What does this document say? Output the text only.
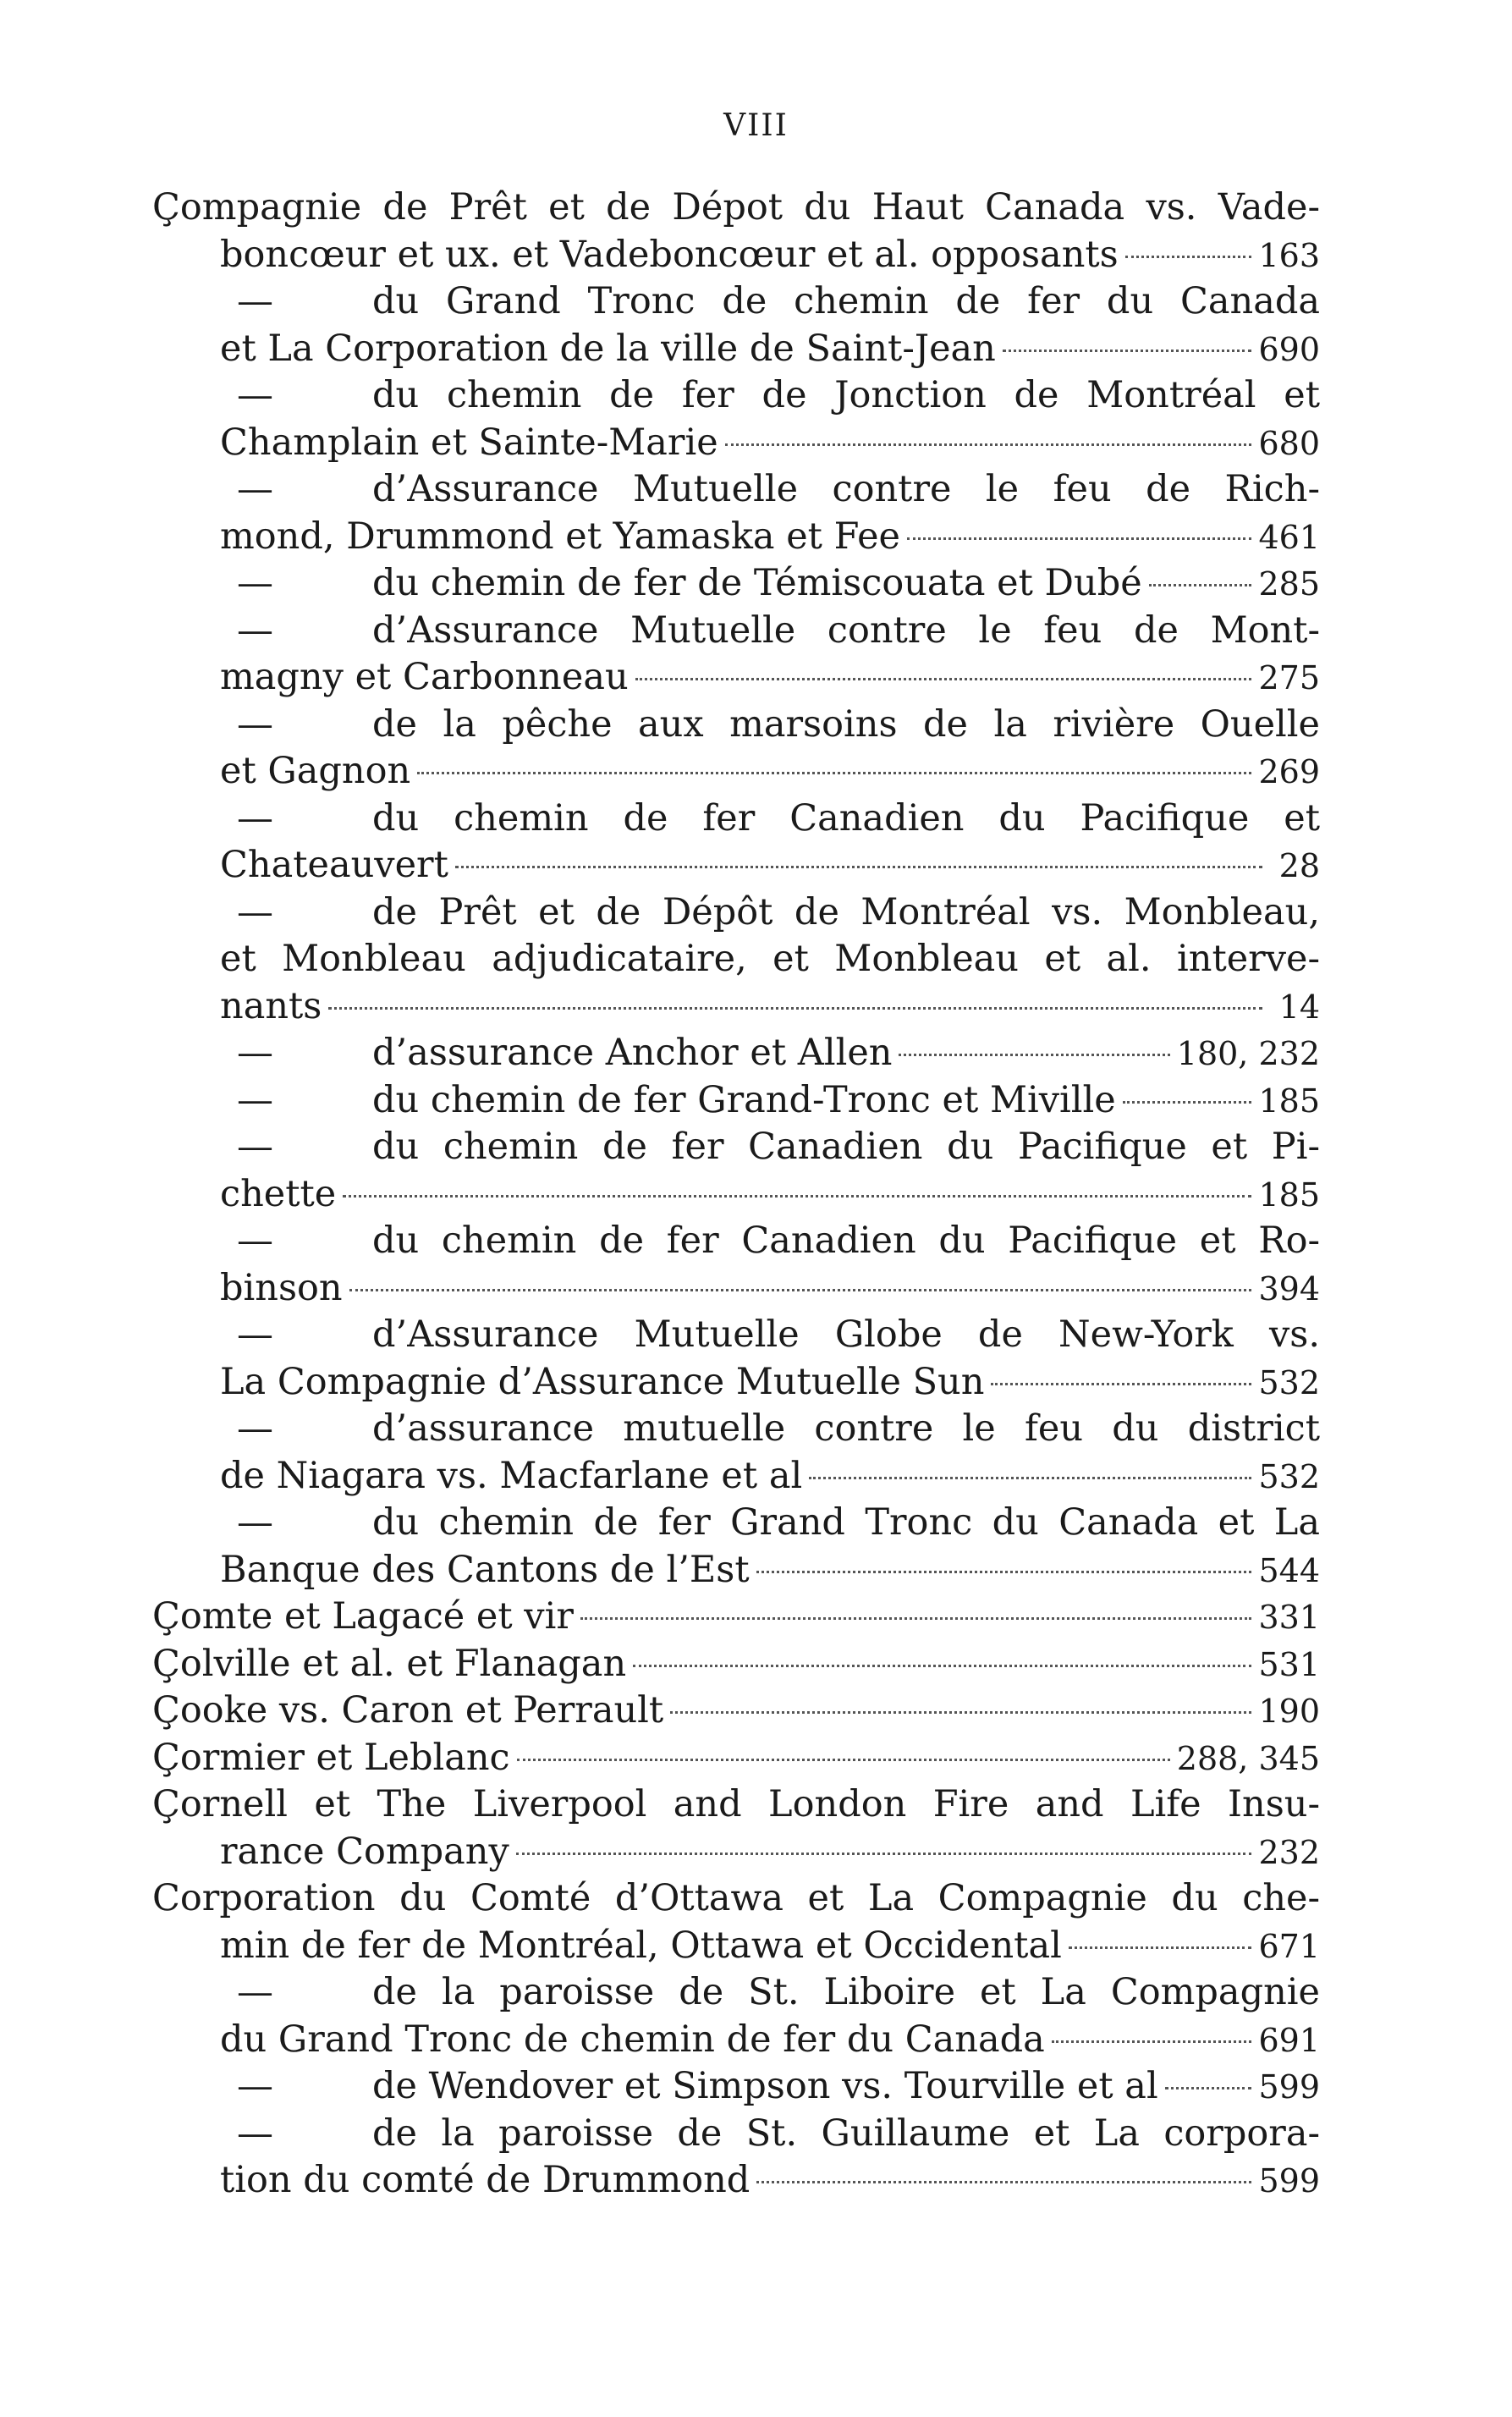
VIII
Çompagnie de Prêt et de Dépot du Haut Canada vs. Vade-
boncœur et ux. et Vadeboncœur et al. opposants	163
—	du Grand Tronc de chemin de fer du Canada
et La Corporation de la ville de Saint-Jean	690
—	du chemin de fer de Jonction de Montréal et
Champlain et Sainte-Marie	680
—	d’Assurance Mutuelle contre le feu de Rich-
mond, Drummond et Yamaska et Fee	461
—	du chemin de fer de Témiscouata et Dubé	285
—	d’Assurance Mutuelle contre le feu de Mont-
magny et Carbonneau	275
—	de la pêche aux marsoins de la rivière Ouelle
et Gagnon	269
—	du chemin de fer Canadien du Pacifique et
Chateauvert	28
—	de Prêt et de Dépôt de Montréal vs. Monbleau,
et Monbleau adjudicataire, et Monbleau et al. interve-
nants	14
—	d’assurance Anchor et Allen	180, 232
—	du chemin de fer Grand-Tronc et Miville	185
—	du chemin de fer Canadien du Pacifique et Pi-
chette	185
—	du chemin de fer Canadien du Pacifique et Ro-
binson	394
—	d’Assurance Mutuelle Globe de New-York vs.
La Compagnie d’Assurance Mutuelle Sun	532
—	d’assurance mutuelle contre le feu du district
de Niagara vs. Macfarlane et al	532
—	du chemin de fer Grand Tronc du Canada et La
Banque des Cantons de l’Est	544
Çomte et Lagacé et vir	331
Çolville et al. et Flanagan	531
Çooke vs. Caron et Perrault	190
Çormier et Leblanc	288, 345
Çornell et The Liverpool and London Fire and Life Insu-
rance Company	232
Corporation du Comté d’Ottawa et La Compagnie du che-
min de fer de Montréal, Ottawa et Occidental	671
—	de la paroisse de St. Liboire et La Compagnie
du Grand Tronc de chemin de fer du Canada	691
—	de Wendover et Simpson vs. Tourville et al	599
—	de la paroisse de St. Guillaume et La corpora-
tion du comté de Drummond	599
